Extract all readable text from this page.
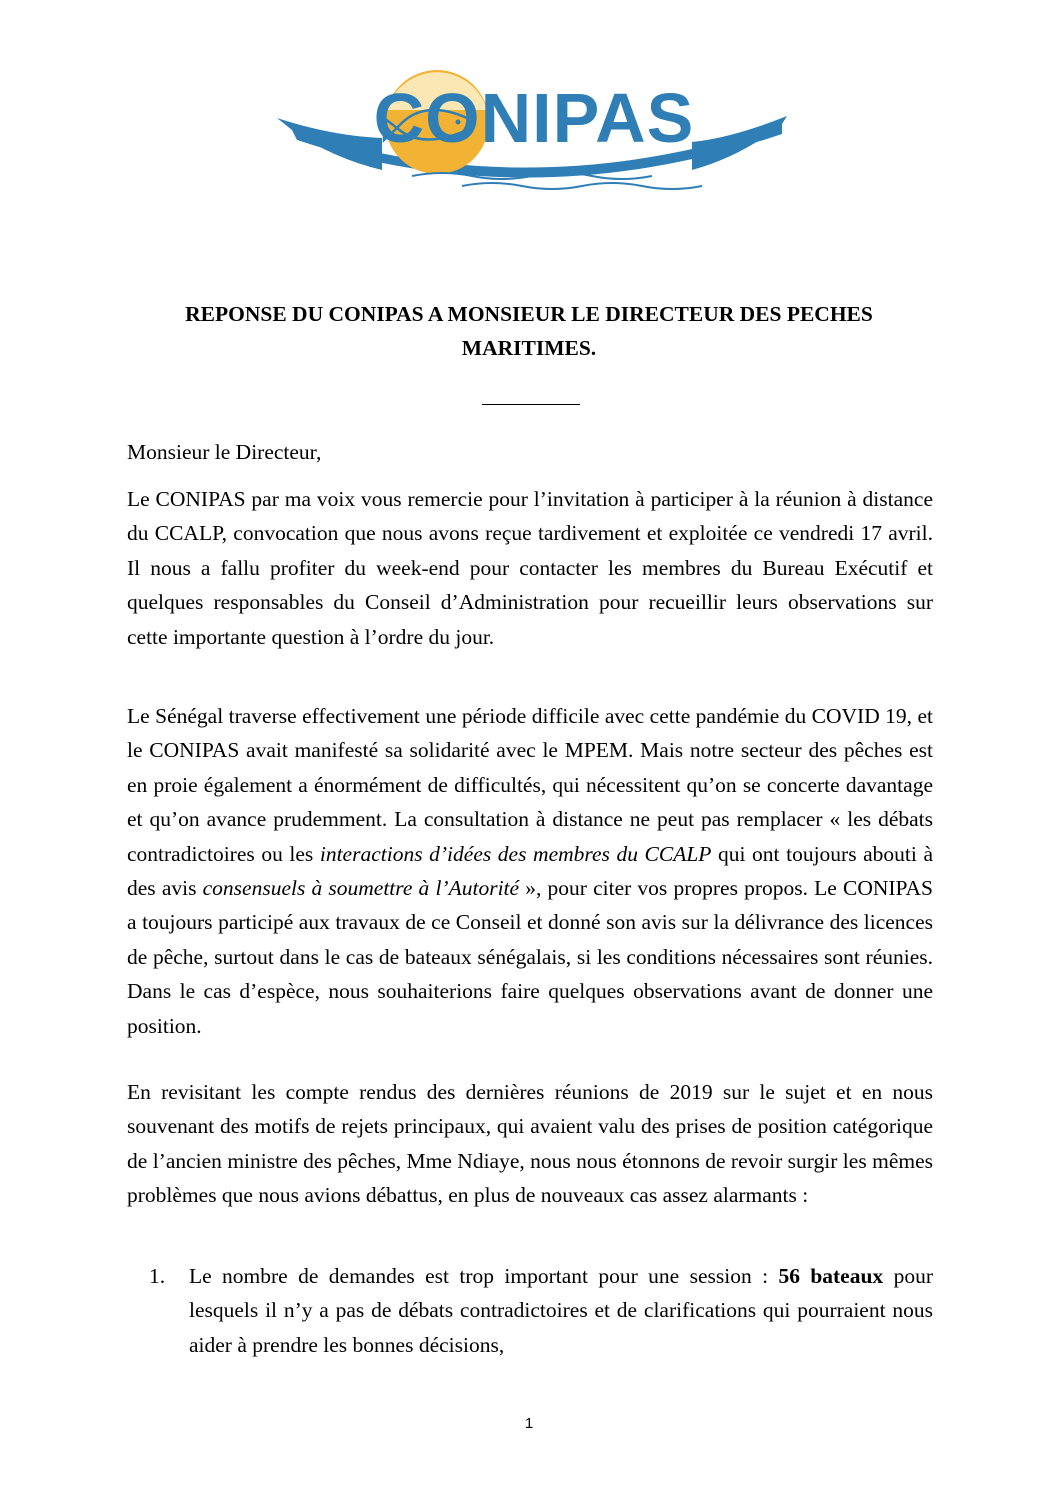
CONIPAS
REPONSE DU CONIPAS A MONSIEUR LE DIRECTEUR DES PECHES
MARITIMES.
Monsieur le Directeur,

Le CONIPAS par ma voix vous remercie pour l’invitation à participer à la réunion à distance du CCALP, convocation que nous avons reçue tardivement et exploitée ce vendredi 17 avril. Il nous a fallu profiter du week-end pour contacter les membres du Bureau Exécutif et quelques responsables du Conseil d’Administration pour recueillir leurs observations sur cette importante question à l’ordre du jour.

Le Sénégal traverse effectivement une période difficile avec cette pandémie du COVID 19, et le CONIPAS avait manifesté sa solidarité avec le MPEM. Mais notre secteur des pêches est en proie également a énormément de difficultés, qui nécessitent qu’on se concerte davantage et qu’on avance prudemment. La consultation à distance ne peut pas remplacer « les débats contradictoires ou les interactions d’idées des membres du CCALP qui ont toujours abouti à des avis consensuels à soumettre à l’Autorité », pour citer vos propres propos. Le CONIPAS a toujours participé aux travaux de ce Conseil et donné son avis sur la délivrance des licences de pêche, surtout dans le cas de bateaux sénégalais, si les conditions nécessaires sont réunies. Dans le cas d’espèce, nous souhaiterions faire quelques observations avant de donner une position.

En revisitant les compte rendus des dernières réunions de 2019 sur le sujet et en nous souvenant des motifs de rejets principaux, qui avaient valu des prises de position catégorique de l’ancien ministre des pêches, Mme Ndiaye, nous nous étonnons de revoir surgir les mêmes problèmes que nous avions débattus, en plus de nouveaux cas assez alarmants :

1. Le nombre de demandes est trop important pour une session : 56 bateaux pour lesquels il n’y a pas de débats contradictoires et de clarifications qui pourraient nous aider à prendre les bonnes décisions,

1
